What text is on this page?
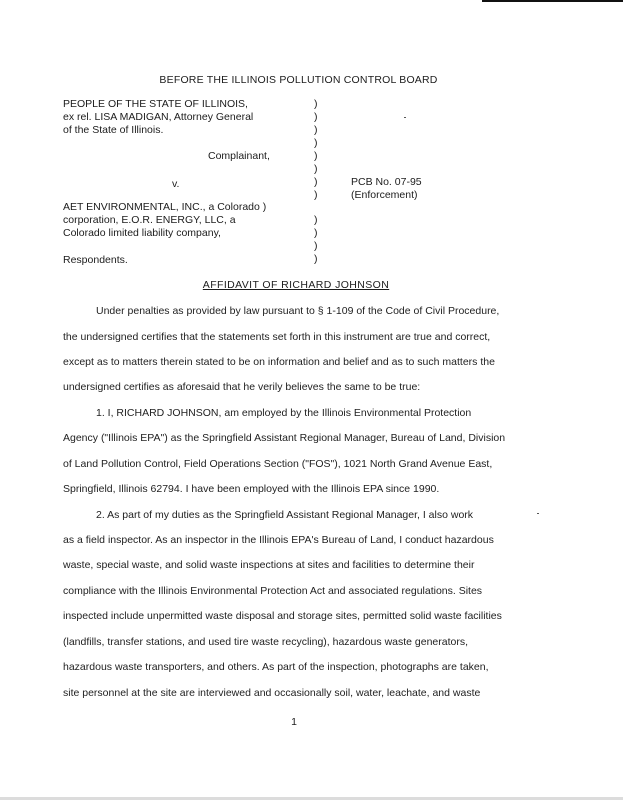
BEFORE THE ILLINOIS POLLUTION CONTROL BOARD
PEOPLE OF THE STATE OF ILLINOIS,
ex rel. LISA MADIGAN, Attorney General
of the State of Illinois.
Complainant,
v.
AET ENVIRONMENTAL, INC., a Colorado )
corporation, E.O.R. ENERGY, LLC, a
Colorado limited liability company,
Respondents.
PCB No. 07-95
(Enforcement)
)
)
)
)
)
)
)
)
)
)
)
)
AFFIDAVIT OF RICHARD JOHNSON
Under penalties as provided by law pursuant to § 1-109 of the Code of Civil Procedure,
the undersigned certifies that the statements set forth in this instrument are true and correct,
except as to matters therein stated to be on information and belief and as to such matters the
undersigned certifies as aforesaid that he verily believes the same to be true:
1. I, RICHARD JOHNSON, am employed by the Illinois Environmental Protection
Agency ("Illinois EPA") as the Springfield Assistant Regional Manager, Bureau of Land, Division
of Land Pollution Control, Field Operations Section ("FOS"), 1021 North Grand Avenue East,
Springfield, Illinois 62794. I have been employed with the Illinois EPA since 1990.
2. As part of my duties as the Springfield Assistant Regional Manager, I also work
as a field inspector. As an inspector in the Illinois EPA's Bureau of Land, I conduct hazardous
waste, special waste, and solid waste inspections at sites and facilities to determine their
compliance with the Illinois Environmental Protection Act and associated regulations. Sites
inspected include unpermitted waste disposal and storage sites, permitted solid waste facilities
(landfills, transfer stations, and used tire waste recycling), hazardous waste generators,
hazardous waste transporters, and others. As part of the inspection, photographs are taken,
site personnel at the site are interviewed and occasionally soil, water, leachate, and waste
1
